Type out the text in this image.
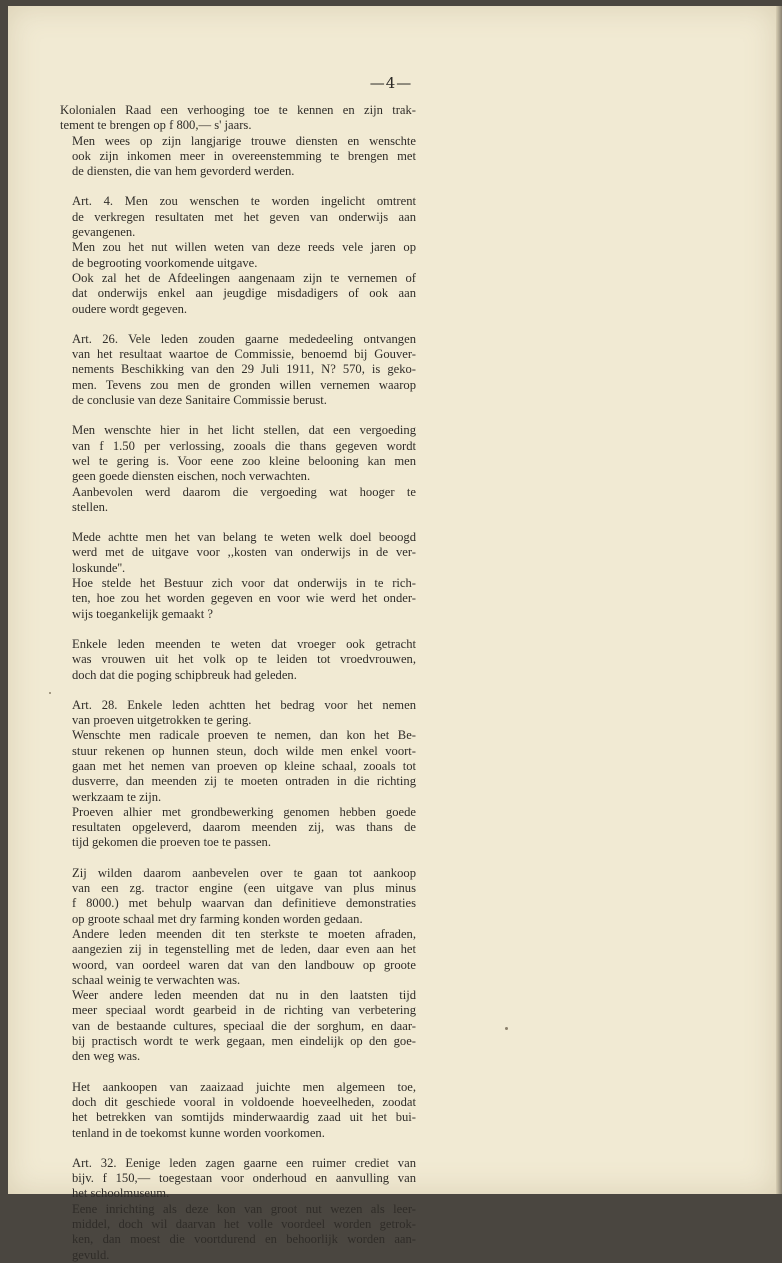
—4—
Kolonialen Raad een verhooging toe te kennen en zijn trak-
tement te brengen op f 800,— s' jaars.
Men wees op zijn langjarige trouwe diensten en wenschte
ook zijn inkomen meer in overeenstemming te brengen met
de diensten, die van hem gevorderd werden.
Art. 4. Men zou wenschen te worden ingelicht omtrent
de verkregen resultaten met het geven van onderwijs aan
gevangenen.
Men zou het nut willen weten van deze reeds vele jaren op
de begrooting voorkomende uitgave.
Ook zal het de Afdeelingen aangenaam zijn te vernemen of
dat onderwijs enkel aan jeugdige misdadigers of ook aan
oudere wordt gegeven.
Art. 26. Vele leden zouden gaarne mededeeling ontvangen
van het resultaat waartoe de Commissie, benoemd bij Gouver-
nements Beschikking van den 29 Juli 1911, N? 570, is geko-
men. Tevens zou men de gronden willen vernemen waarop
de conclusie van deze Sanitaire Commissie berust.
Men wenschte hier in het licht stellen, dat een vergoeding
van f 1.50 per verlossing, zooals die thans gegeven wordt
wel te gering is. Voor eene zoo kleine belooning kan men
geen goede diensten eischen, noch verwachten.
Aanbevolen werd daarom die vergoeding wat hooger te
stellen.
Mede achtte men het van belang te weten welk doel beoogd
werd met de uitgave voor ,,kosten van onderwijs in de ver-
loskunde''.
Hoe stelde het Bestuur zich voor dat onderwijs in te rich-
ten, hoe zou het worden gegeven en voor wie werd het onder-
wijs toegankelijk gemaakt ?
Enkele leden meenden te weten dat vroeger ook getracht
was vrouwen uit het volk op te leiden tot vroedvrouwen,
doch dat die poging schipbreuk had geleden.
Art. 28. Enkele leden achtten het bedrag voor het nemen
van proeven uitgetrokken te gering.
Wenschte men radicale proeven te nemen, dan kon het Be-
stuur rekenen op hunnen steun, doch wilde men enkel voort-
gaan met het nemen van proeven op kleine schaal, zooals tot
dusverre, dan meenden zij te moeten ontraden in die richting
werkzaam te zijn.
Proeven alhier met grondbewerking genomen hebben goede
resultaten opgeleverd, daarom meenden zij, was thans de
tijd gekomen die proeven toe te passen.
Zij wilden daarom aanbevelen over te gaan tot aankoop
van een zg. tractor engine (een uitgave van plus minus
f 8000.) met behulp waarvan dan definitieve demonstraties
op groote schaal met dry farming konden worden gedaan.
Andere leden meenden dit ten sterkste te moeten afraden,
aangezien zij in tegenstelling met de leden, daar even aan het
woord, van oordeel waren dat van den landbouw op groote
schaal weinig te verwachten was.
Weer andere leden meenden dat nu in den laatsten tijd
meer speciaal wordt gearbeid in de richting van verbetering
van de bestaande cultures, speciaal die der sorghum, en daar-
bij practisch wordt te werk gegaan, men eindelijk op den goe-
den weg was.
Het aankoopen van zaaizaad juichte men algemeen toe,
doch dit geschiede vooral in voldoende hoeveelheden, zoodat
het betrekken van somtijds minderwaardig zaad uit het bui-
tenland in de toekomst kunne worden voorkomen.
Art. 32. Eenige leden zagen gaarne een ruimer crediet van
bijv. f 150,— toegestaan voor onderhoud en aanvulling van
het schoolmuseum.
Eene inrichting als deze kon van groot nut wezen als leer-
middel, doch wil daarvan het volle voordeel worden getrok-
ken, dan moest die voortdurend en behoorlijk worden aan-
gevuld.
